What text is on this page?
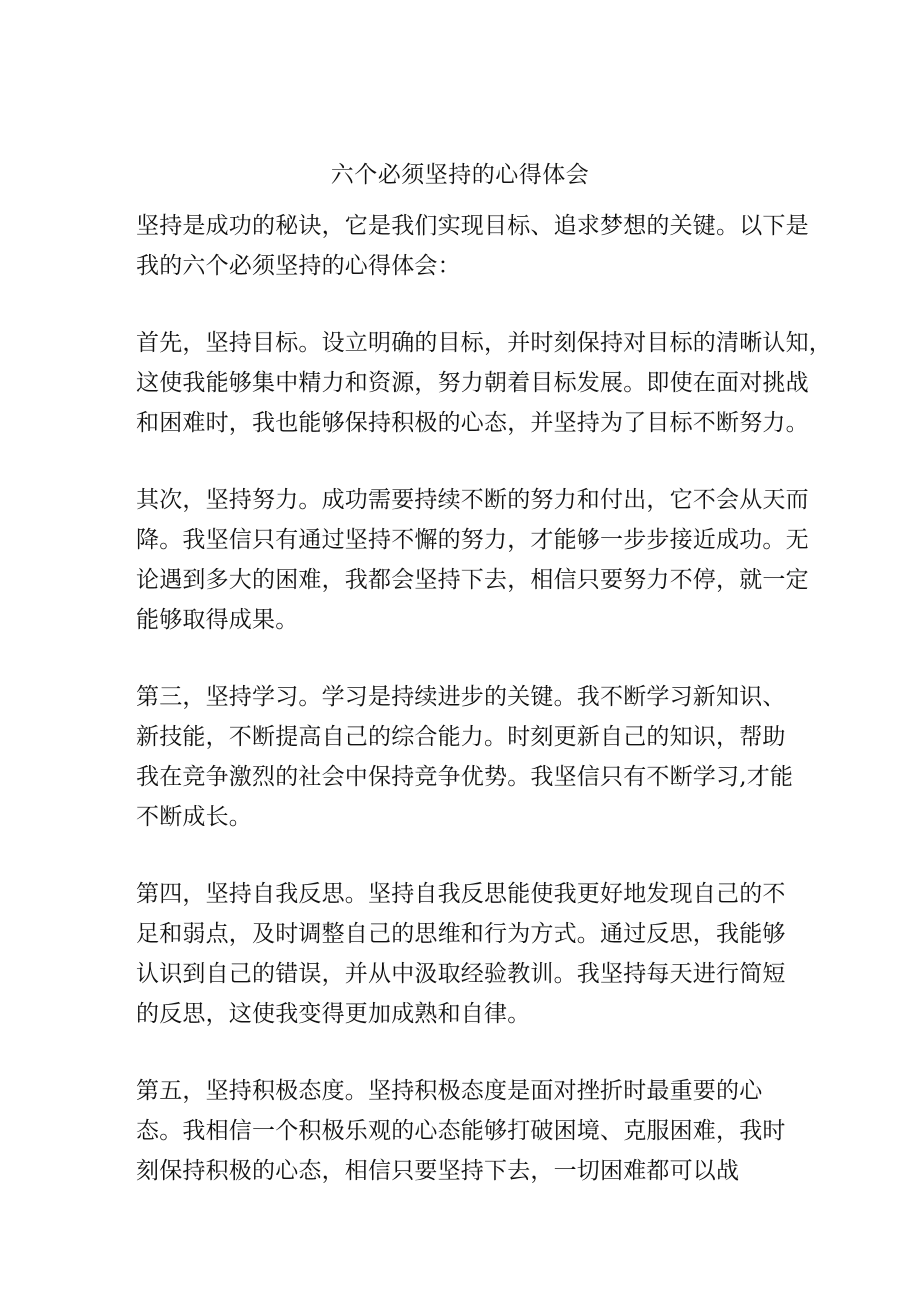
六个必须坚持的心得体会
坚持是成功的秘诀，它是我们实现目标、追求梦想的关键。以下是
我的六个必须坚持的心得体会：
首先，坚持目标。设立明确的目标，并时刻保持对目标的清晰认知，
这使我能够集中精力和资源，努力朝着目标发展。即使在面对挑战
和困难时，我也能够保持积极的心态，并坚持为了目标不断努力。
其次，坚持努力。成功需要持续不断的努力和付出，它不会从天而
降。我坚信只有通过坚持不懈的努力，才能够一步步接近成功。无
论遇到多大的困难，我都会坚持下去，相信只要努力不停，就一定
能够取得成果。
第三，坚持学习。学习是持续进步的关键。我不断学习新知识、
新技能，不断提高自己的综合能力。时刻更新自己的知识，帮助
我在竞争激烈的社会中保持竞争优势。我坚信只有不断学习,才能
不断成长。
第四，坚持自我反思。坚持自我反思能使我更好地发现自己的不
足和弱点，及时调整自己的思维和行为方式。通过反思，我能够
认识到自己的错误，并从中汲取经验教训。我坚持每天进行简短
的反思，这使我变得更加成熟和自律。
第五，坚持积极态度。坚持积极态度是面对挫折时最重要的心
态。我相信一个积极乐观的心态能够打破困境、克服困难，我时
刻保持积极的心态，相信只要坚持下去，一切困难都可以战
